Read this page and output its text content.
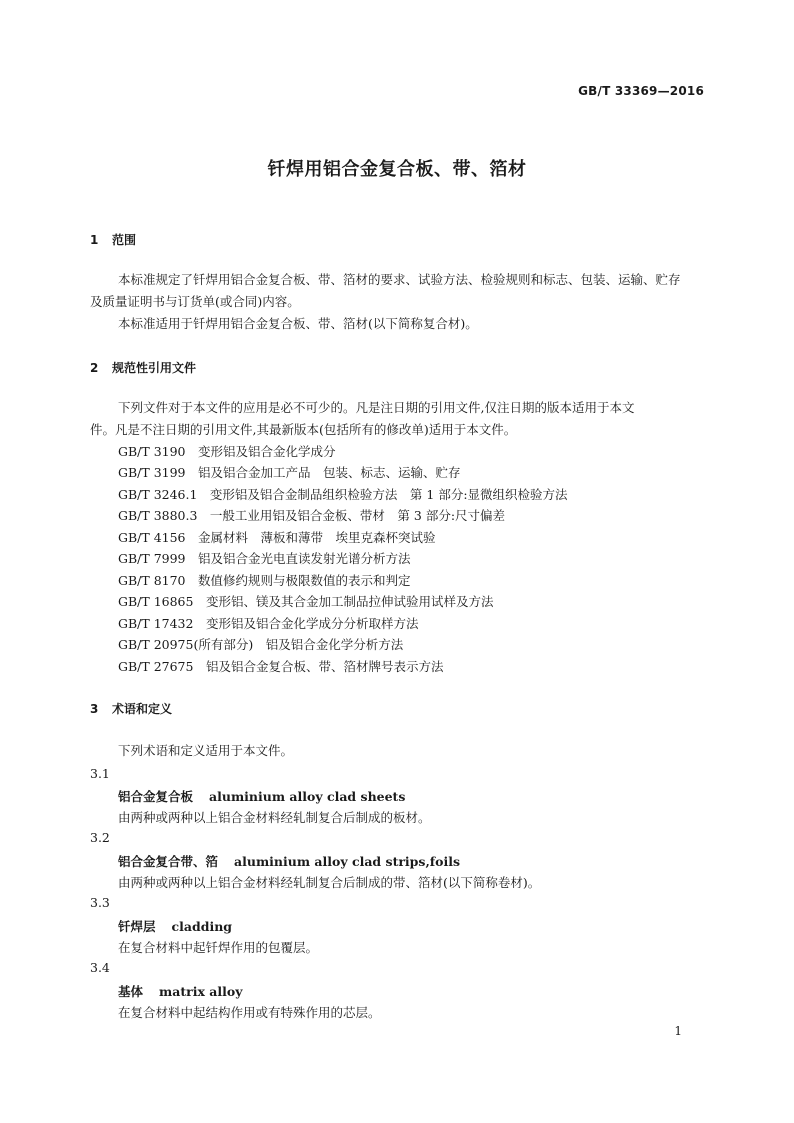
GB/T 33369—2016
钎焊用铝合金复合板、带、箔材
1 范围
本标准规定了钎焊用铝合金复合板、带、箔材的要求、试验方法、检验规则和标志、包装、运输、贮存
及质量证明书与订货单(或合同)内容。
本标准适用于钎焊用铝合金复合板、带、箔材(以下简称复合材)。
2 规范性引用文件
下列文件对于本文件的应用是必不可少的。凡是注日期的引用文件,仅注日期的版本适用于本文
件。凡是不注日期的引用文件,其最新版本(包括所有的修改单)适用于本文件。
GB/T 3190　变形铝及铝合金化学成分
GB/T 3199　铝及铝合金加工产品　包装、标志、运输、贮存
GB/T 3246.1　变形铝及铝合金制品组织检验方法　第 1 部分:显微组织检验方法
GB/T 3880.3　一般工业用铝及铝合金板、带材　第 3 部分:尺寸偏差
GB/T 4156　金属材料　薄板和薄带　埃里克森杯突试验
GB/T 7999　铝及铝合金光电直读发射光谱分析方法
GB/T 8170　数值修约规则与极限数值的表示和判定
GB/T 16865　变形铝、镁及其合金加工制品拉伸试验用试样及方法
GB/T 17432　变形铝及铝合金化学成分分析取样方法
GB/T 20975(所有部分)　铝及铝合金化学分析方法
GB/T 27675　铝及铝合金复合板、带、箔材牌号表示方法
3 术语和定义
下列术语和定义适用于本文件。
3.1
铝合金复合板 aluminium alloy clad sheets
由两种或两种以上铝合金材料经轧制复合后制成的板材。
3.2
铝合金复合带、箔 aluminium alloy clad strips,foils
由两种或两种以上铝合金材料经轧制复合后制成的带、箔材(以下简称卷材)。
3.3
钎焊层 cladding
在复合材料中起钎焊作用的包覆层。
3.4
基体 matrix alloy
在复合材料中起结构作用或有特殊作用的芯层。
1
